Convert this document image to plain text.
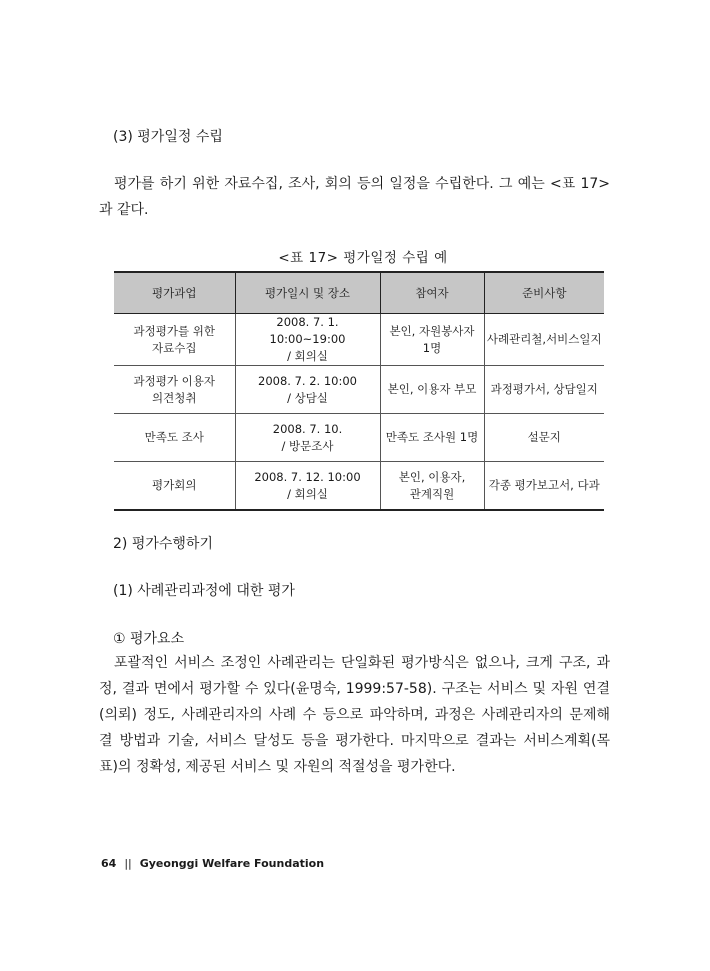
(3) 평가일정 수립
평가를 하기 위한 자료수집, 조사, 회의 등의 일정을 수립한다. 그 예는 <표 17>
과 같다.
<표 17> 평가일정 수립 예
평가과업	평가일시 및 장소	참여자	준비사항

과정평가를 위한
자료수집	2008. 7. 1. 10:00~19:00
/ 회의실	본인, 자원봉사자
1명	사례관리철,서비스일지

과정평가 이용자
의견청취	2008. 7. 2. 10:00
/ 상담실	본인, 이용자 부모	과정평가서, 상담일지

만족도 조사	2008. 7. 10.
/ 방문조사	만족도 조사원 1명	설문지

평가회의	2008. 7. 12. 10:00
/ 회의실	본인, 이용자,
관계직원	각종 평가보고서, 다과
2) 평가수행하기
(1) 사례관리과정에 대한 평가
① 평가요소
포괄적인 서비스 조정인 사례관리는 단일화된 평가방식은 없으나, 크게 구조, 과
정, 결과 면에서 평가할 수 있다(윤명숙, 1999:57-58). 구조는 서비스 및 자원 연결
(의뢰) 정도, 사례관리자의 사례 수 등으로 파악하며, 과정은 사례관리자의 문제해
결 방법과 기술, 서비스 달성도 등을 평가한다. 마지막으로 결과는 서비스계획(목
표)의 정확성, 제공된 서비스 및 자원의 적절성을 평가한다.
64 || Gyeonggi Welfare Foundation
